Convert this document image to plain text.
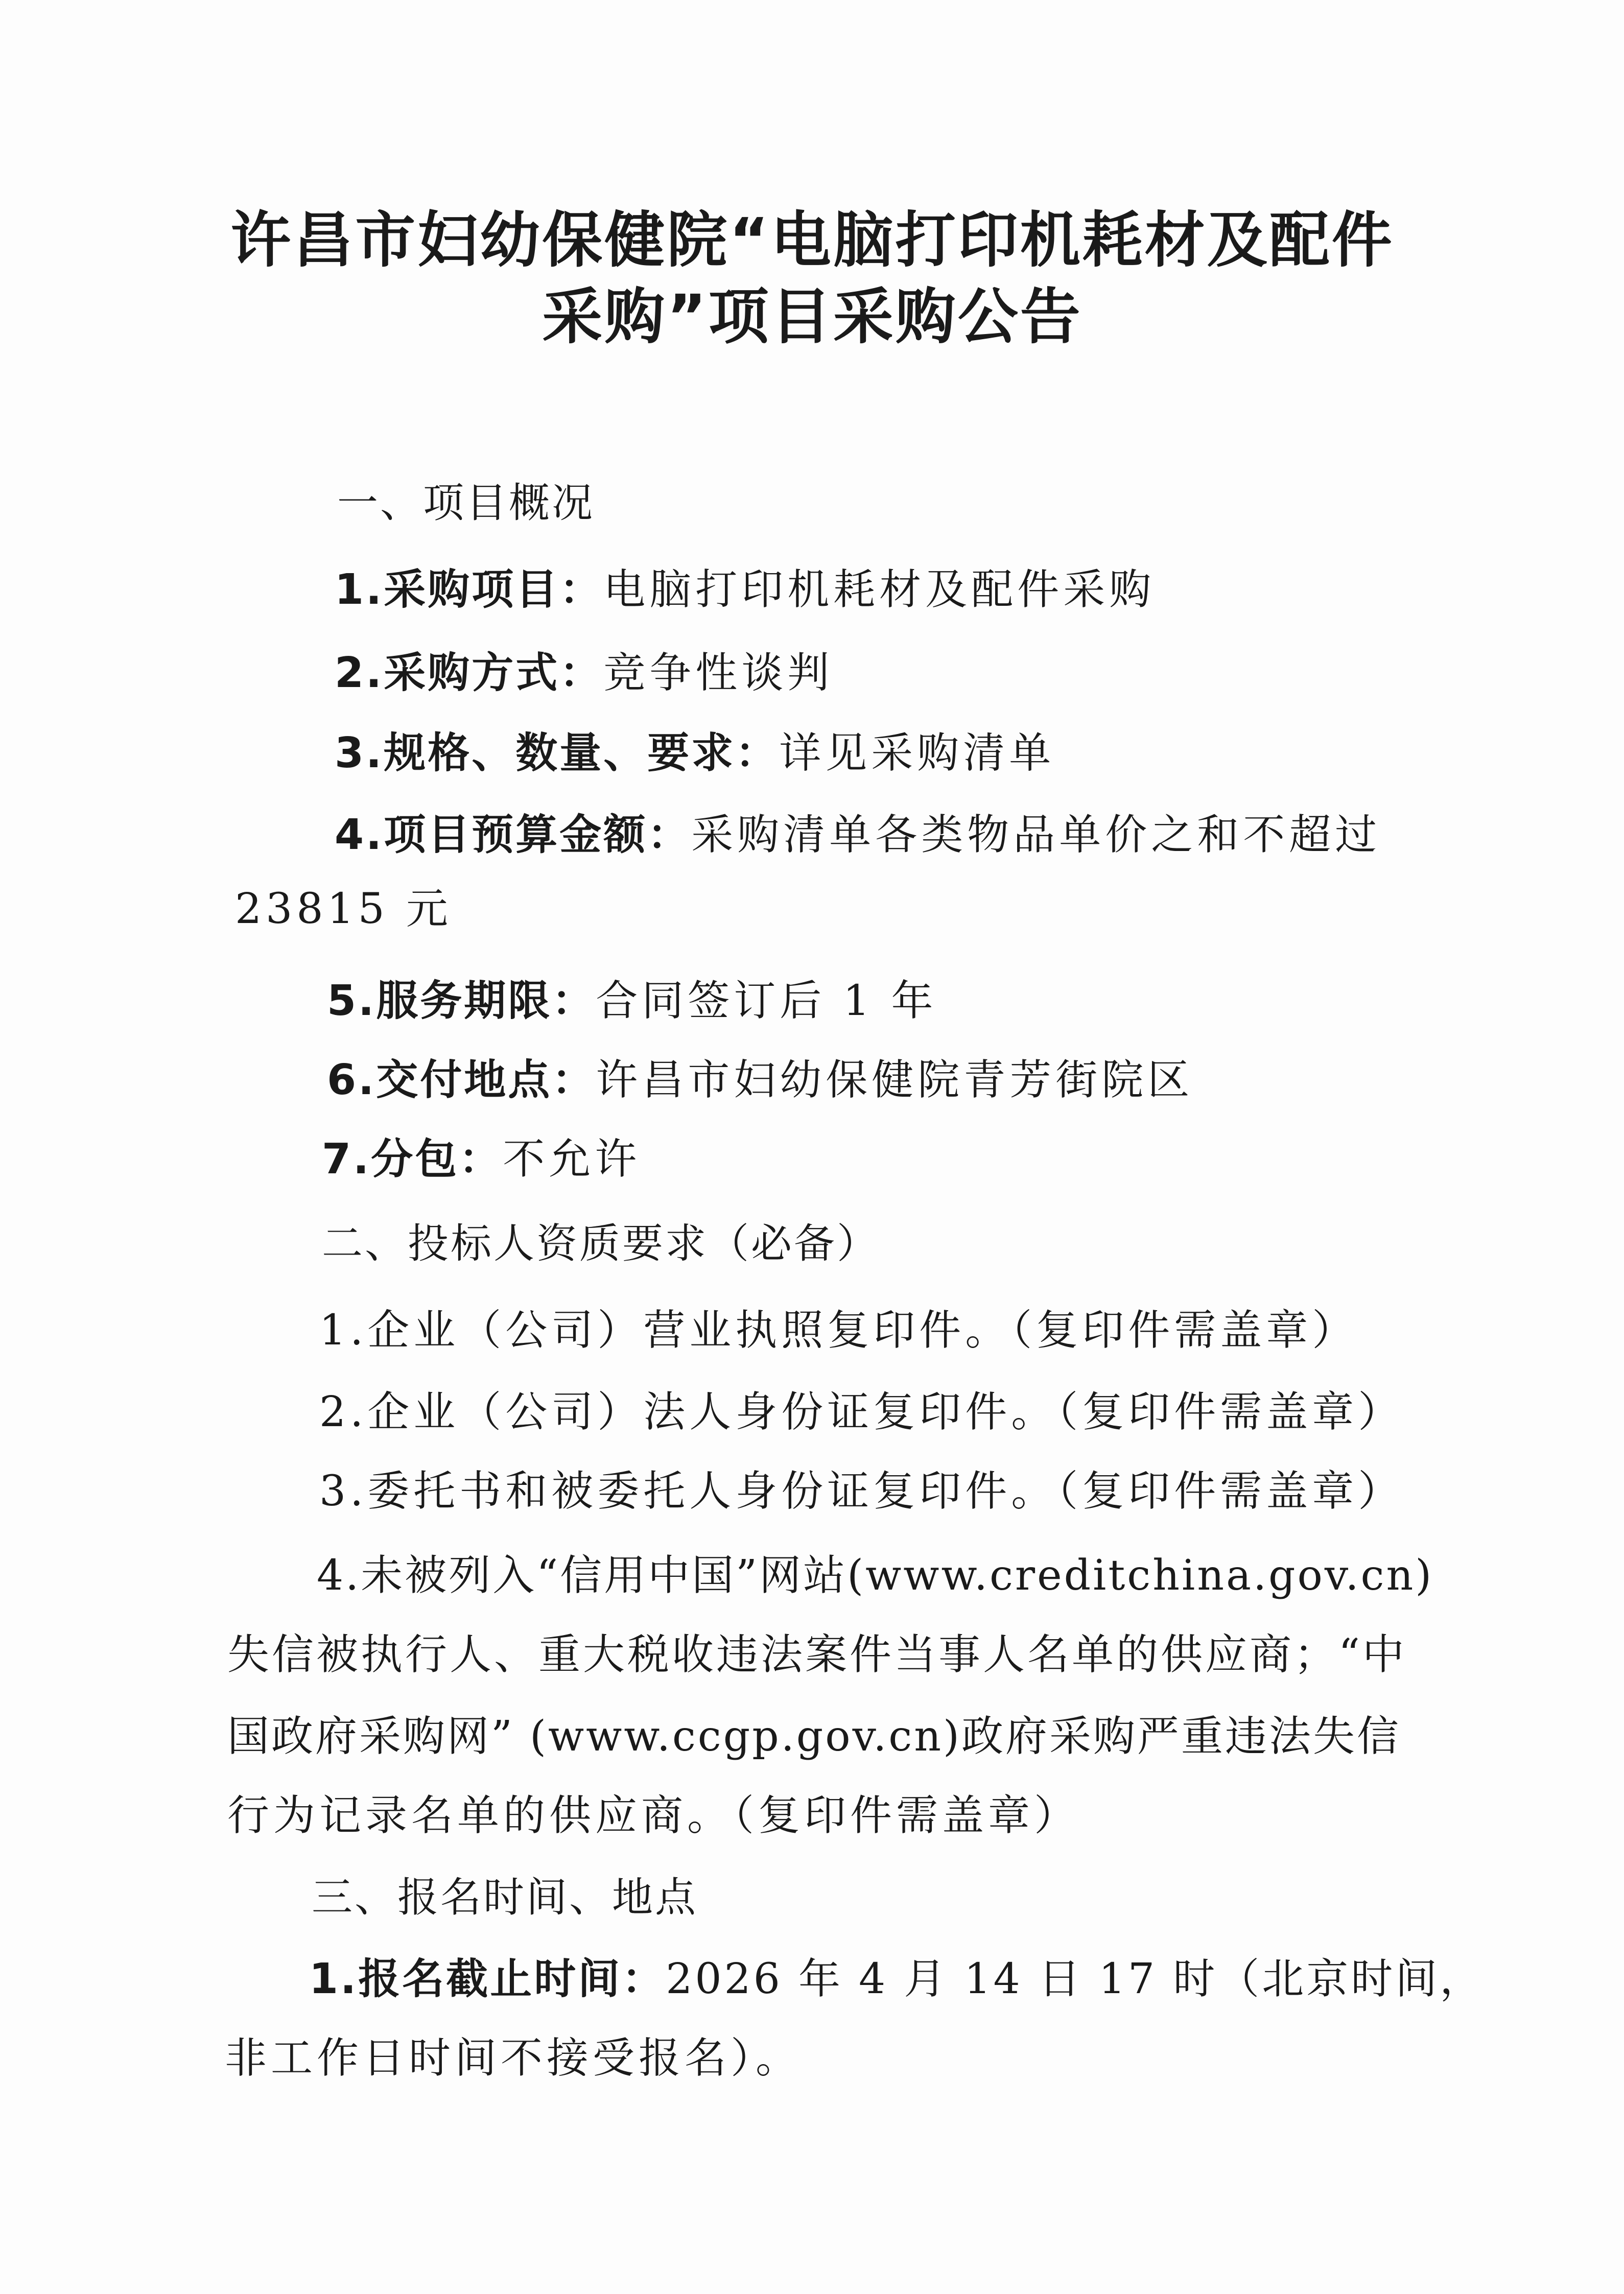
许昌市妇幼保健院“电脑打印机耗材及配件
采购”项目采购公告

一、项目概况

1.采购项目：电脑打印机耗材及配件采购

2.采购方式：竞争性谈判

3.规格、数量、要求：详见采购清单

4.项目预算金额：采购清单各类物品单价之和不超过

23815 元

5.服务期限：合同签订后 1 年

6.交付地点：许昌市妇幼保健院青芳街院区

7.分包：不允许

二、投标人资质要求（必备）

1.企业（公司）营业执照复印件。（复印件需盖章）

2.企业（公司）法人身份证复印件。（复印件需盖章）

3.委托书和被委托人身份证复印件。（复印件需盖章）

4.未被列入“信用中国”网站(www.creditchina.gov.cn)

失信被执行人、重大税收违法案件当事人名单的供应商；“中

国政府采购网” (www.ccgp.gov.cn)政府采购严重违法失信

行为记录名单的供应商。（复印件需盖章）

三、报名时间、地点

1.报名截止时间：2026 年 4 月 14 日 17 时（北京时间，

非工作日时间不接受报名）。
